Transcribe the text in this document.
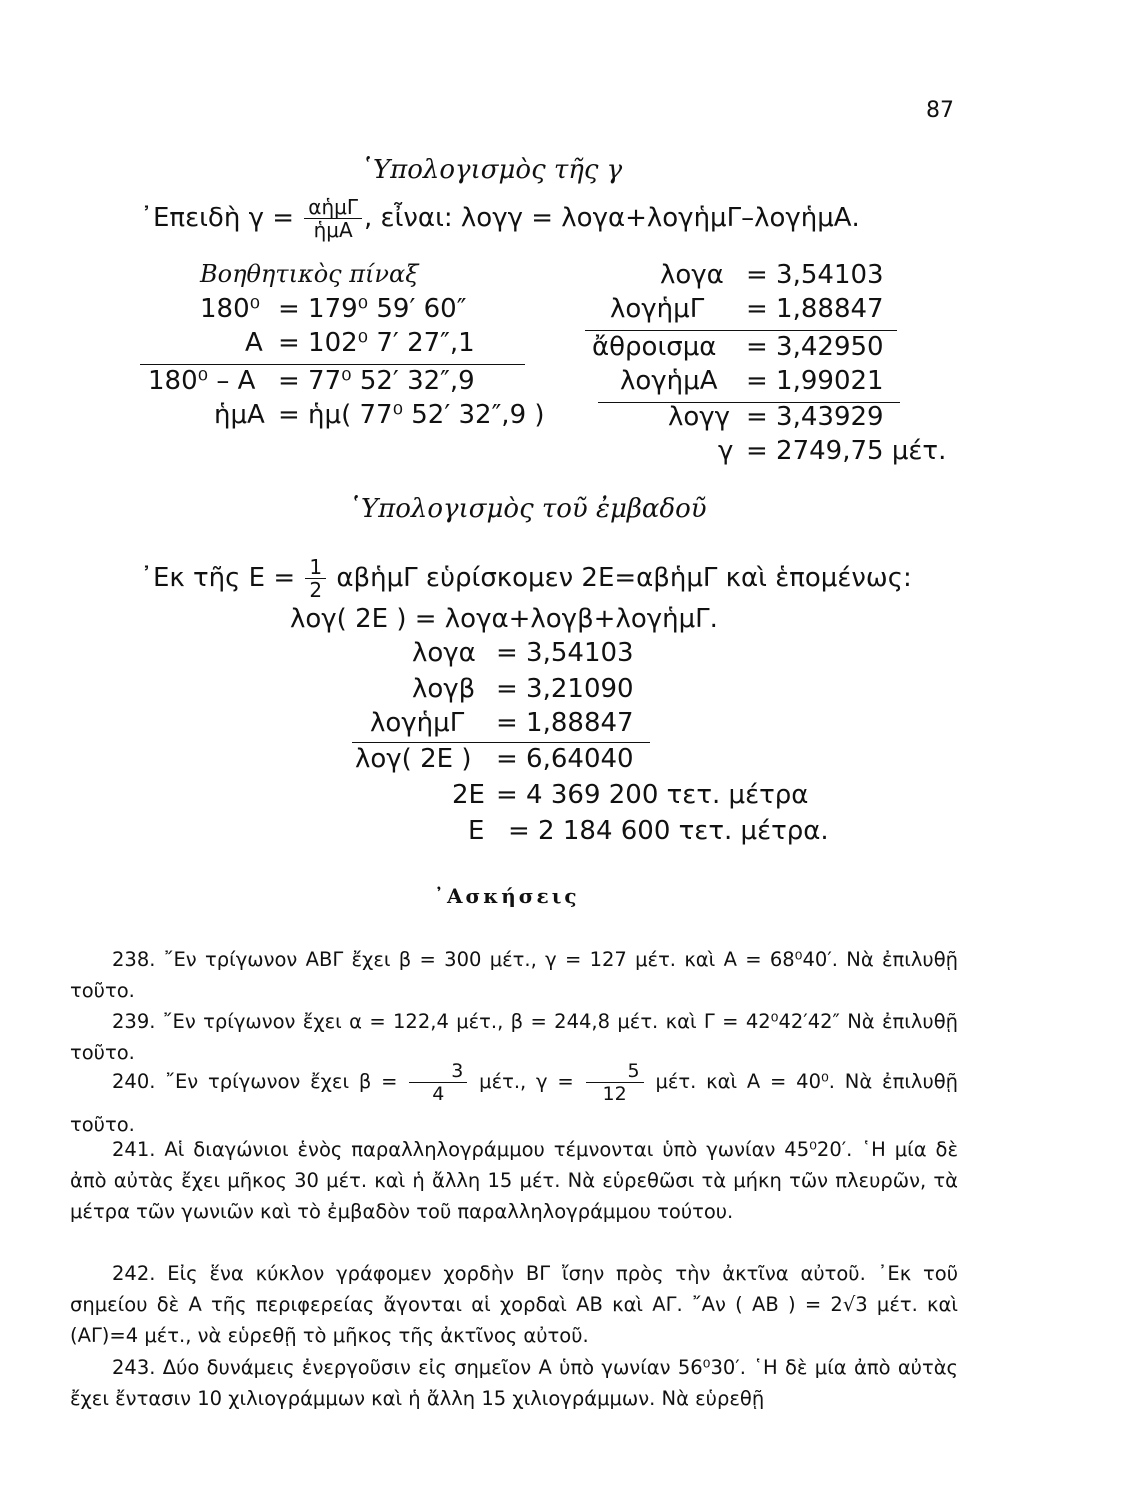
87
῾Υπολογισμὸς τῆς γ
᾿Επειδὴ $\gamma = \frac{\text{αἡμΓ}}{\text{ἡμΑ}}$ , εἶναι: λογγ = λογα+λογἡμΓ–λογἡμΑ.
Βοηθητικὸς πίναξ
180⁰ = 179⁰ 59′ 60″
Α = 102⁰ 7′ 27″,1
180⁰ – Α = 77⁰ 52′ 32″,9
ἡμΑ = ἡμ( 77⁰ 52′ 32″,9 )
λογα = 3,54103
λογἡμΓ = 1,88847
ἄθροισμα = 3,42950
λογἡμΑ = 1,99021
λογγ = 3,43929
γ = 2749,75 μέτ.
῾Υπολογισμὸς τοῦ ἐμβαδοῦ
᾿Εκ τῆς $E = \frac{1}{2}$ αβἡμΓ εὑρίσκομεν 2Ε=αβἡμΓ καὶ ἑπομένως:
λογ( 2Ε ) = λογα+λογβ+λογἡμΓ.
λογα = 3,54103
λογβ = 3,21090
λογἡμΓ = 1,88847
λογ( 2Ε ) = 6,64040
2Ε = 4 369 200 τετ. μέτρα
Ε = 2 184 600 τετ. μέτρα.
᾿Ασκήσεις
238. ῎Εν τρίγωνον ΑΒΓ ἔχει β = 300 μέτ., γ = 127 μέτ. καὶ Α = 68⁰40′. Νὰ ἐπιλυθῇ τοῦτο.
239. ῎Εν τρίγωνον ἔχει α = 122,4 μέτ., β = 244,8 μέτ. καὶ Γ = 42⁰42′42″ Νὰ ἐπιλυθῇ τοῦτο.
240. ῎Εν τρίγωνον ἔχει $\beta = \frac{3}{4} \mu έ\tau$., $\gamma = \frac{5}{12} \mu έ\tau$. καὶ Α = 40⁰. Νὰ ἐπιλυθῇ τοῦτο.
241. Αἱ διαγώνιοι ἑνὸς παραλληλογράμμου τέμνονται ὑπὸ γωνίαν 45⁰20′. ῾Η μία δὲ ἀπὸ αὐτὰς ἔχει μῆκος 30 μέτ. καὶ ἡ ἄλλη 15 μέτ. Νὰ εὑρεθῶσι τὰ μήκη τῶν πλευρῶν, τὰ μέτρα τῶν γωνιῶν καὶ τὸ ἐμβαδὸν τοῦ παραλληλογράμμου τούτου.
242. Εἰς ἕνα κύκλον γράφομεν χορδὴν ΒΓ ἴσην πρὸς τὴν ἀκτῖνα αὐτοῦ. ᾿Εκ τοῦ σημείου δὲ Α τῆς περιφερείας ἄγονται αἱ χορδαὶ ΑΒ καὶ ΑΓ. ῎Αν ( ΑΒ ) = 2√3 μέτ. καὶ (ΑΓ)=4 μέτ., νὰ εὑρεθῇ τὸ μῆκος τῆς ἀκτῖνος αὐτοῦ.
243. Δύο δυνάμεις ἐνεργοῦσιν εἰς σημεῖον Α ὑπὸ γωνίαν 56⁰30′. ῾Η δὲ μία ἀπὸ αὐτὰς ἔχει ἔντασιν 10 χιλιογράμμων καὶ ἡ ἄλλη 15 χιλιογράμμων. Νὰ εὑρεθῇ
